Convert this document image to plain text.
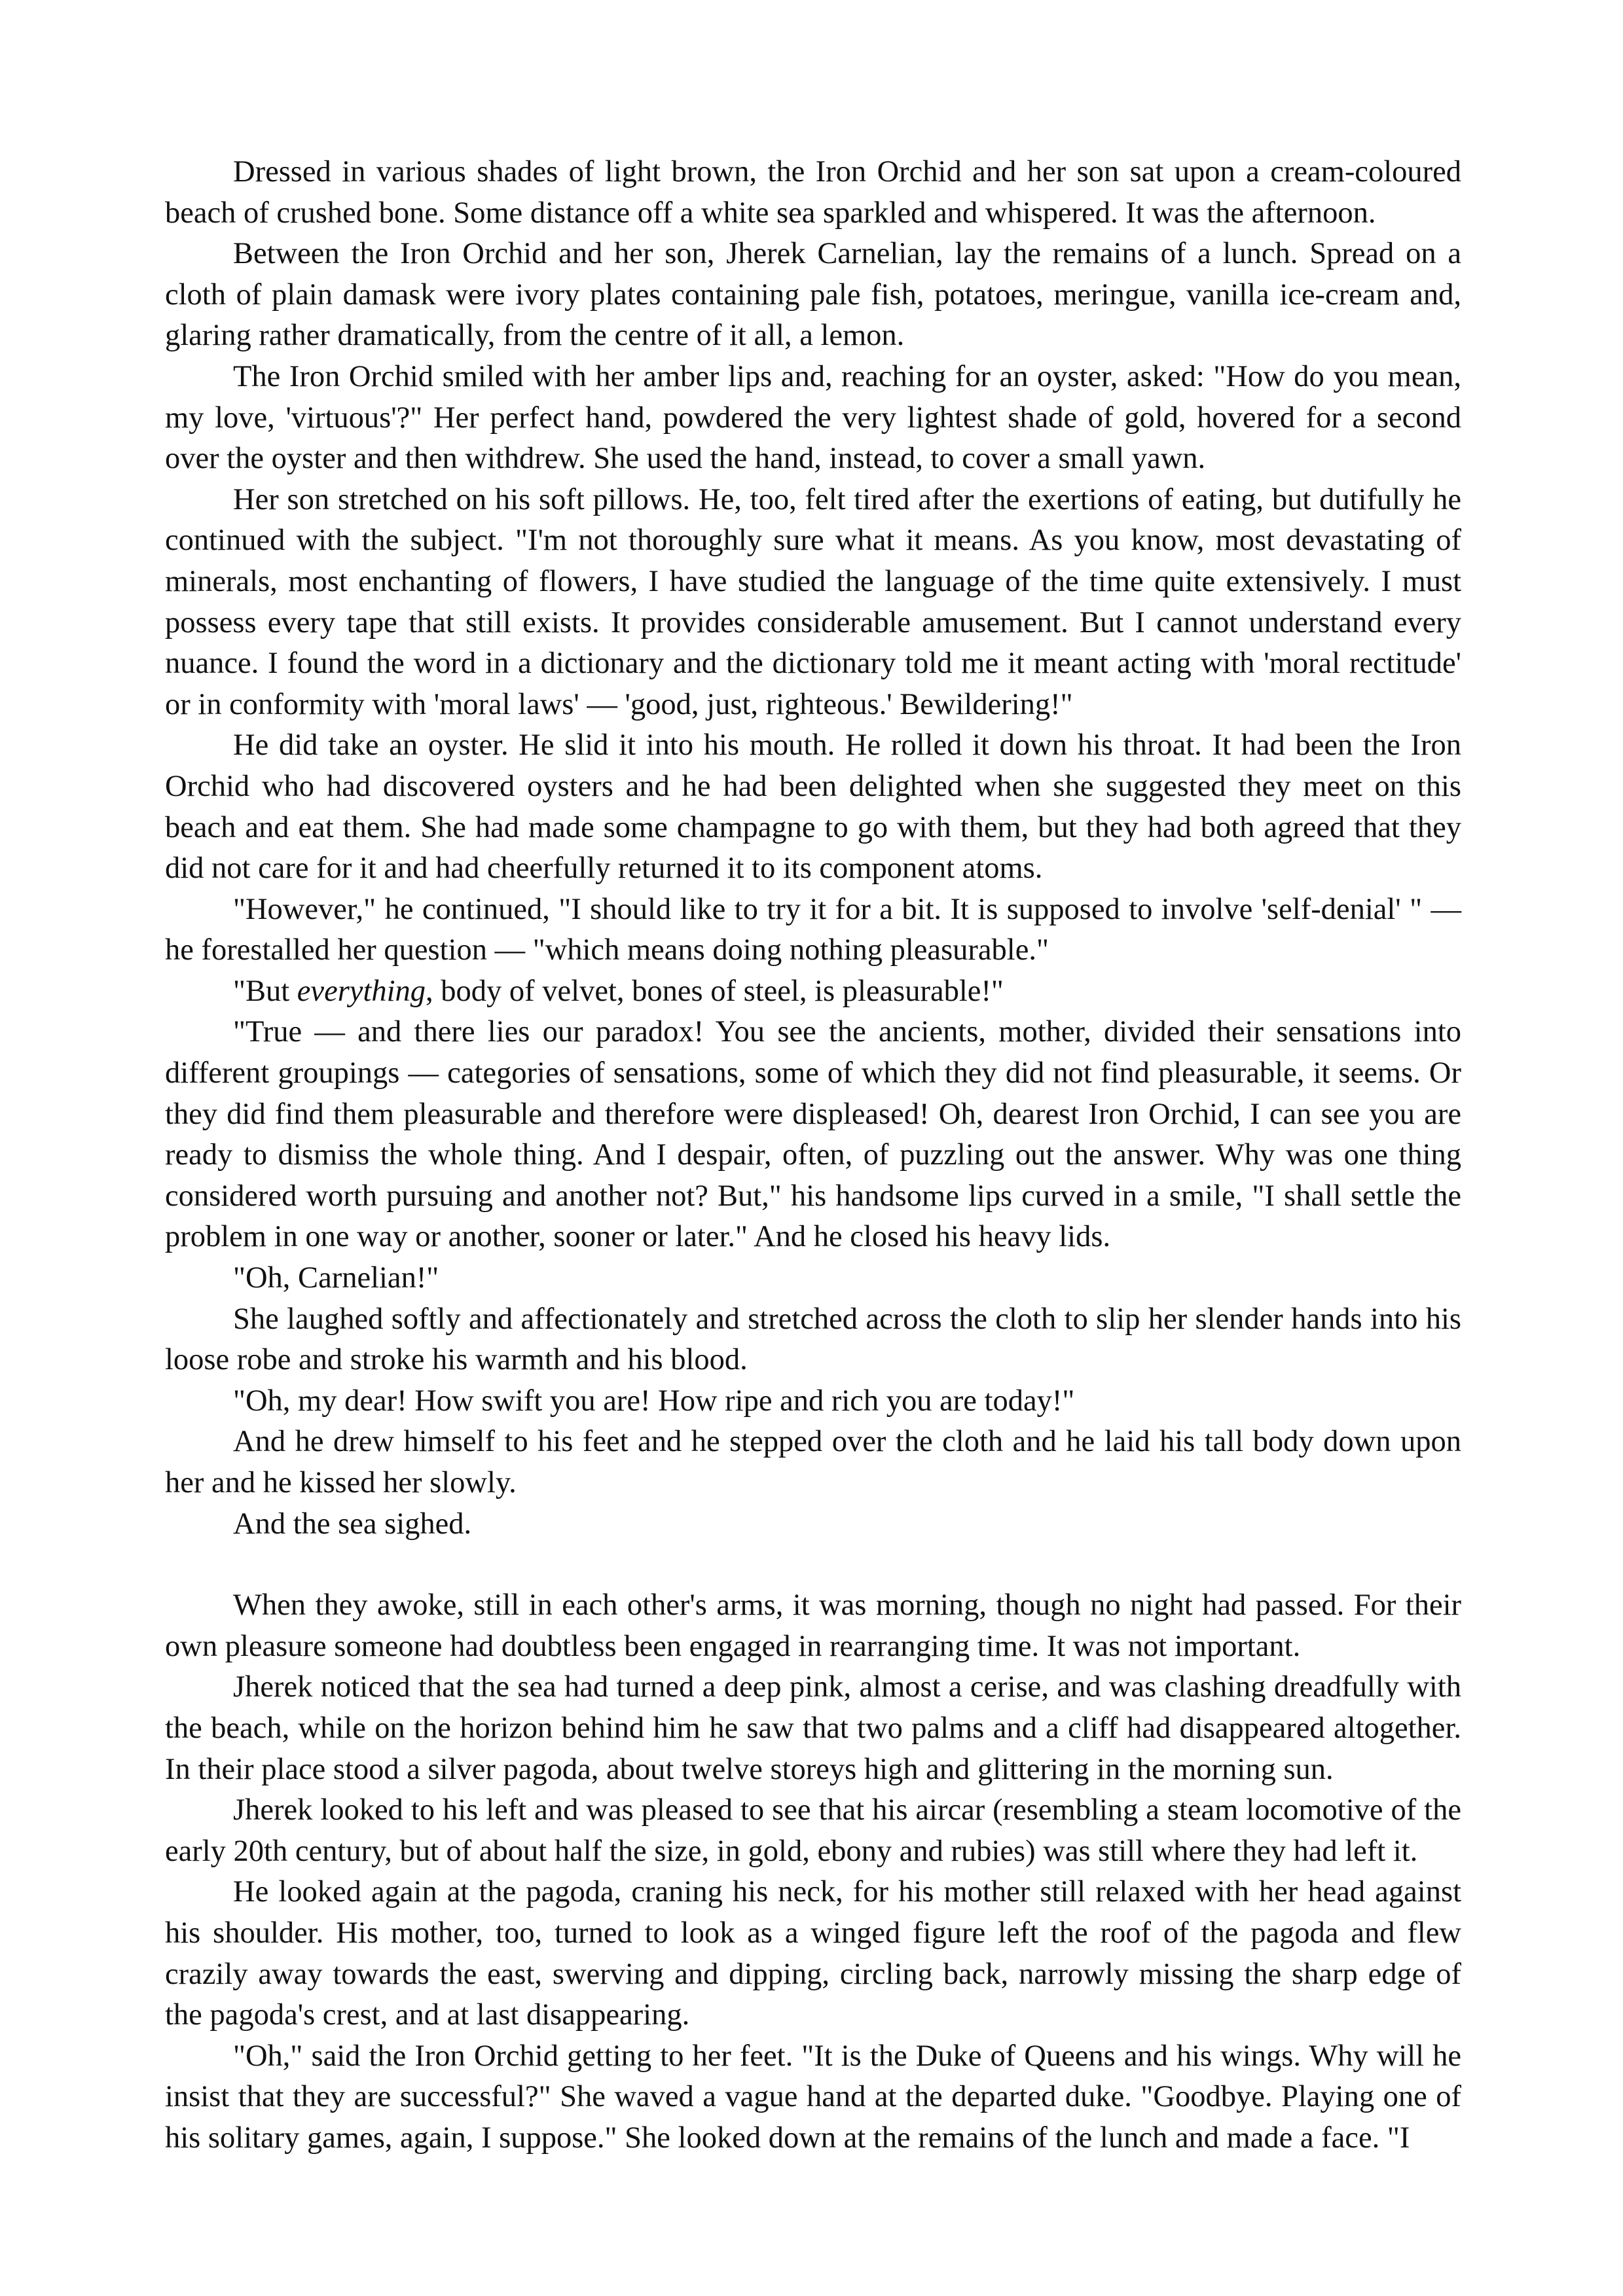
Dressed in various shades of light brown, the Iron Orchid and her son sat upon a cream-coloured beach of crushed bone. Some distance off a white sea sparkled and whispered. It was the afternoon.

Between the Iron Orchid and her son, Jherek Carnelian, lay the remains of a lunch. Spread on a cloth of plain damask were ivory plates containing pale fish, potatoes, meringue, vanilla ice-cream and, glaring rather dramatically, from the centre of it all, a lemon.

The Iron Orchid smiled with her amber lips and, reaching for an oyster, asked: "How do you mean, my love, 'virtuous'?" Her perfect hand, powdered the very lightest shade of gold, hovered for a second over the oyster and then withdrew. She used the hand, instead, to cover a small yawn.

Her son stretched on his soft pillows. He, too, felt tired after the exertions of eating, but dutifully he continued with the subject. "I'm not thoroughly sure what it means. As you know, most devastating of minerals, most enchanting of flowers, I have studied the language of the time quite extensively. I must possess every tape that still exists. It provides considerable amusement. But I cannot understand every nuance. I found the word in a dictionary and the dictionary told me it meant acting with 'moral rectitude' or in conformity with 'moral laws' — 'good, just, righteous.' Bewildering!"

He did take an oyster. He slid it into his mouth. He rolled it down his throat. It had been the Iron Orchid who had discovered oysters and he had been delighted when she suggested they meet on this beach and eat them. She had made some champagne to go with them, but they had both agreed that they did not care for it and had cheerfully returned it to its component atoms.

"However," he continued, "I should like to try it for a bit. It is supposed to involve 'self-denial' " — he forestalled her question — "which means doing nothing pleasurable."

"But everything, body of velvet, bones of steel, is pleasurable!"

"True — and there lies our paradox! You see the ancients, mother, divided their sensations into different groupings — categories of sensations, some of which they did not find pleasurable, it seems. Or they did find them pleasurable and therefore were displeased! Oh, dearest Iron Orchid, I can see you are ready to dismiss the whole thing. And I despair, often, of puzzling out the answer. Why was one thing considered worth pursuing and another not? But," his handsome lips curved in a smile, "I shall settle the problem in one way or another, sooner or later." And he closed his heavy lids.

"Oh, Carnelian!"

She laughed softly and affectionately and stretched across the cloth to slip her slender hands into his loose robe and stroke his warmth and his blood.

"Oh, my dear! How swift you are! How ripe and rich you are today!"

And he drew himself to his feet and he stepped over the cloth and he laid his tall body down upon her and he kissed her slowly.

And the sea sighed.

When they awoke, still in each other's arms, it was morning, though no night had passed. For their own pleasure someone had doubtless been engaged in rearranging time. It was not important.

Jherek noticed that the sea had turned a deep pink, almost a cerise, and was clashing dreadfully with the beach, while on the horizon behind him he saw that two palms and a cliff had disappeared altogether. In their place stood a silver pagoda, about twelve storeys high and glittering in the morning sun.

Jherek looked to his left and was pleased to see that his aircar (resembling a steam locomotive of the early 20th century, but of about half the size, in gold, ebony and rubies) was still where they had left it.

He looked again at the pagoda, craning his neck, for his mother still relaxed with her head against his shoulder. His mother, too, turned to look as a winged figure left the roof of the pagoda and flew crazily away towards the east, swerving and dipping, circling back, narrowly missing the sharp edge of the pagoda's crest, and at last disappearing.

"Oh," said the Iron Orchid getting to her feet. "It is the Duke of Queens and his wings. Why will he insist that they are successful?" She waved a vague hand at the departed duke. "Goodbye. Playing one of his solitary games, again, I suppose." She looked down at the remains of the lunch and made a face. "I
